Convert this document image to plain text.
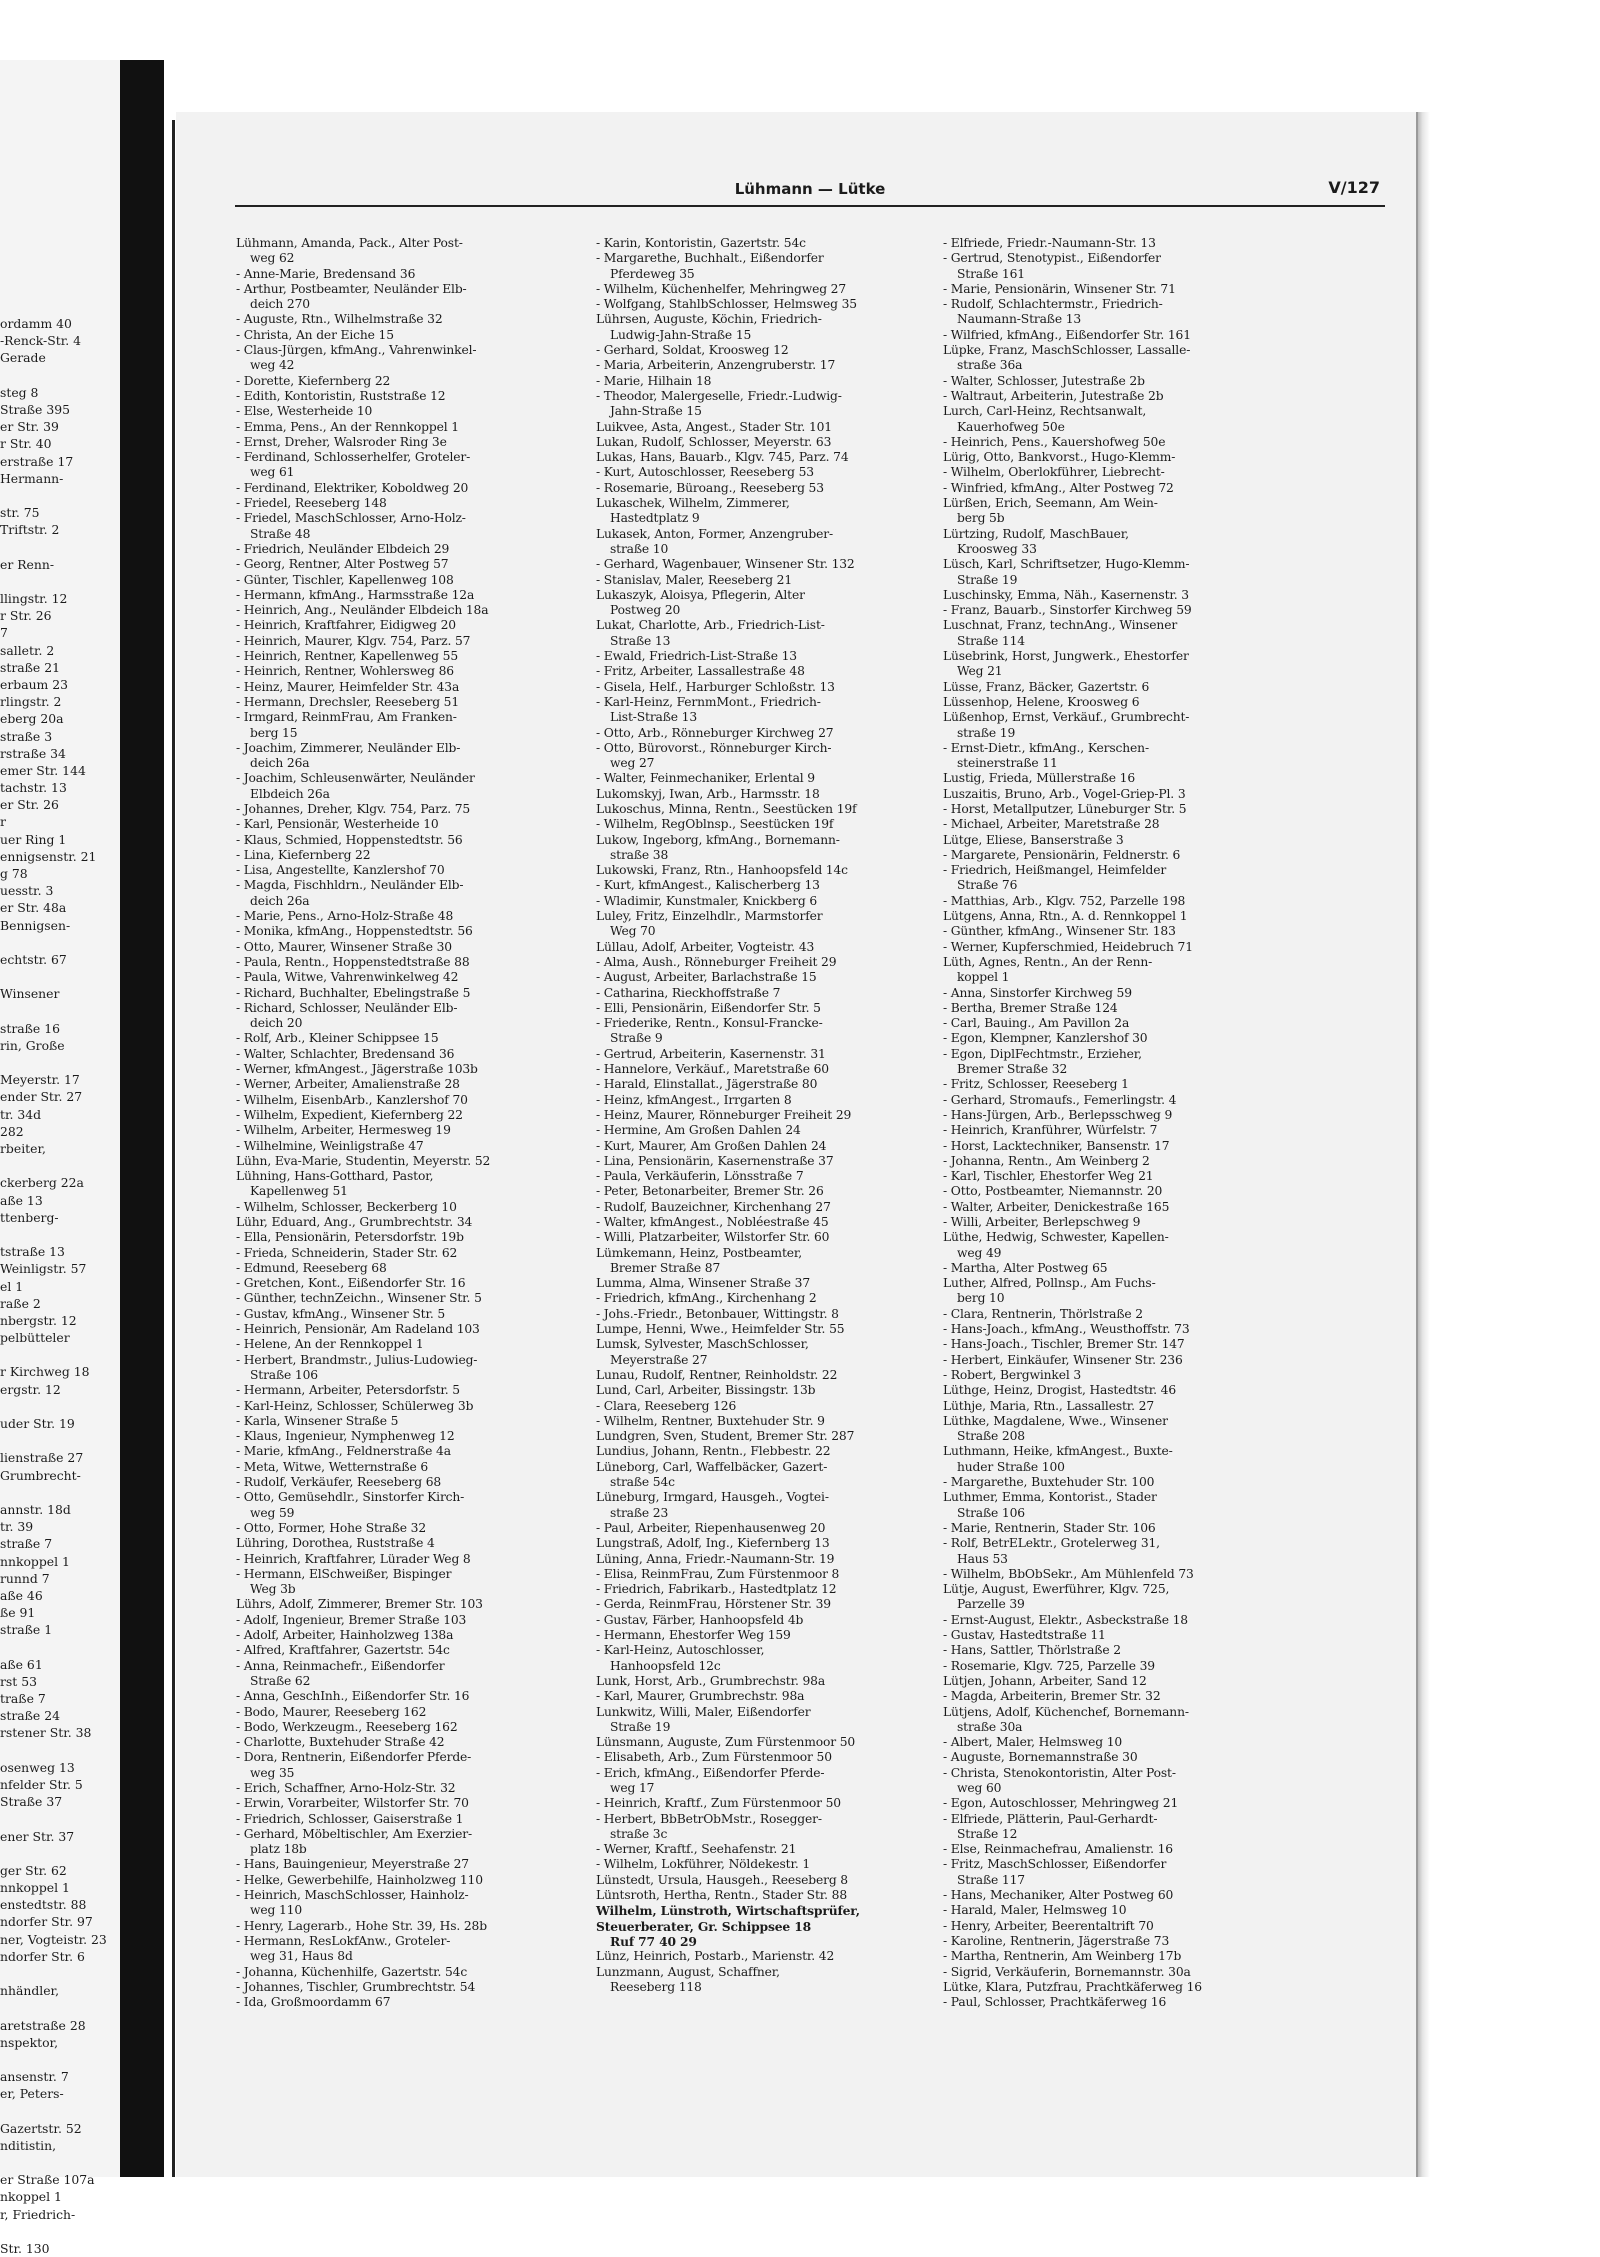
ordamm 40
-Renck-Str. 4
Gerade
steg 8
Straße 395
er Str. 39
r Str. 40
erstraße 17
Hermann-
str. 75
Triftstr. 2
er Renn-
llingstr. 12
r Str. 26
7
salletr. 2
straße 21
erbaum 23
rlingstr. 2
eberg 20a
straße 3
rstraße 34
emer Str. 144
tachstr. 13
er Str. 26
r
uer Ring 1
ennigsenstr. 21
g 78
uesstr. 3
er Str. 48a
Bennigsen-
echtstr. 67
Winsener
straße 16
rin, Große
Meyerstr. 17
ender Str. 27
tr. 34d
282
rbeiter,
ckerberg 22a
aße 13
ttenberg-
tstraße 13
Weinligstr. 57
el 1
raße 2
nbergstr. 12
pelbütteler
r Kirchweg 18
ergstr. 12
uder Str. 19
lienstraße 27
Grumbrecht-
annstr. 18d
tr. 39
straße 7
nnkoppel 1
runnd 7
aße 46
ße 91
straße 1
aße 61
rst 53
traße 7
straße 24
rstener Str. 38
osenweg 13
nfelder Str. 5
Straße 37
ener Str. 37
ger Str. 62
nnkoppel 1
enstedtstr. 88
ndorfer Str. 97
ner, Vogteistr. 23
ndorfer Str. 6
nhändler,
aretstraße 28
nspektor,
ansenstr. 7
er, Peters-
Gazertstr. 52
nditistin,
er Straße 107a
nkoppel 1
r, Friedrich-
Str. 130
Lühmann — Lütke	V/127
Lühmann, Amanda, Pack., Alter Post-
weg 62
- Anne-Marie, Bredensand 36
- Arthur, Postbeamter, Neuländer Elb-
deich 270
- Auguste, Rtn., Wilhelmstraße 32
- Christa, An der Eiche 15
- Claus-Jürgen, kfmAng., Vahrenwinkel-
weg 42
- Dorette, Kiefernberg 22
- Edith, Kontoristin, Ruststraße 12
- Else, Westerheide 10
- Emma, Pens., An der Rennkoppel 1
- Ernst, Dreher, Walsroder Ring 3e
- Ferdinand, Schlosserhelfer, Groteler-
weg 61
- Ferdinand, Elektriker, Koboldweg 20
- Friedel, Reeseberg 148
- Friedel, MaschSchlosser, Arno-Holz-
Straße 48
- Friedrich, Neuländer Elbdeich 29
- Georg, Rentner, Alter Postweg 57
- Günter, Tischler, Kapellenweg 108
- Hermann, kfmAng., Harmsstraße 12a
- Heinrich, Ang., Neuländer Elbdeich 18a
- Heinrich, Kraftfahrer, Eidigweg 20
- Heinrich, Maurer, Klgv. 754, Parz. 57
- Heinrich, Rentner, Kapellenweg 55
- Heinrich, Rentner, Wohlersweg 86
- Heinz, Maurer, Heimfelder Str. 43a
- Hermann, Drechsler, Reeseberg 51
- Irmgard, ReinmFrau, Am Franken-
berg 15
- Joachim, Zimmerer, Neuländer Elb-
deich 26a
- Joachim, Schleusenwärter, Neuländer
Elbdeich 26a
- Johannes, Dreher, Klgv. 754, Parz. 75
- Karl, Pensionär, Westerheide 10
- Klaus, Schmied, Hoppenstedtstr. 56
- Lina, Kiefernberg 22
- Lisa, Angestellte, Kanzlershof 70
- Magda, Fischhldrn., Neuländer Elb-
deich 26a
- Marie, Pens., Arno-Holz-Straße 48
- Monika, kfmAng., Hoppenstedtstr. 56
- Otto, Maurer, Winsener Straße 30
- Paula, Rentn., Hoppenstedtstraße 88
- Paula, Witwe, Vahrenwinkelweg 42
- Richard, Buchhalter, Ebelingstraße 5
- Richard, Schlosser, Neuländer Elb-
deich 20
- Rolf, Arb., Kleiner Schippsee 15
- Walter, Schlachter, Bredensand 36
- Werner, kfmAngest., Jägerstraße 103b
- Werner, Arbeiter, Amalienstraße 28
- Wilhelm, EisenbArb., Kanzlershof 70
- Wilhelm, Expedient, Kiefernberg 22
- Wilhelm, Arbeiter, Hermesweg 19
- Wilhelmine, Weinligstraße 47
Lühn, Eva-Marie, Studentin, Meyerstr. 52
Lühning, Hans-Gotthard, Pastor,
Kapellenweg 51
- Wilhelm, Schlosser, Beckerberg 10
Lühr, Eduard, Ang., Grumbrechtstr. 34
- Ella, Pensionärin, Petersdorfstr. 19b
- Frieda, Schneiderin, Stader Str. 62
- Edmund, Reeseberg 68
- Gretchen, Kont., Eißendorfer Str. 16
- Günther, technZeichn., Winsener Str. 5
- Gustav, kfmAng., Winsener Str. 5
- Heinrich, Pensionär, Am Radeland 103
- Helene, An der Rennkoppel 1
- Herbert, Brandmstr., Julius-Ludowieg-
Straße 106
- Hermann, Arbeiter, Petersdorfstr. 5
- Karl-Heinz, Schlosser, Schülerweg 3b
- Karla, Winsener Straße 5
- Klaus, Ingenieur, Nymphenweg 12
- Marie, kfmAng., Feldnerstraße 4a
- Meta, Witwe, Wetternstraße 6
- Rudolf, Verkäufer, Reeseberg 68
- Otto, Gemüsehdlr., Sinstorfer Kirch-
weg 59
- Otto, Former, Hohe Straße 32
Lühring, Dorothea, Ruststraße 4
- Heinrich, Kraftfahrer, Lürader Weg 8
- Hermann, ElSchweißer, Bispinger
Weg 3b
Lührs, Adolf, Zimmerer, Bremer Str. 103
- Adolf, Ingenieur, Bremer Straße 103
- Adolf, Arbeiter, Hainholzweg 138a
- Alfred, Kraftfahrer, Gazertstr. 54c
- Anna, Reinmachefr., Eißendorfer
Straße 62
- Anna, GeschInh., Eißendorfer Str. 16
- Bodo, Maurer, Reeseberg 162
- Bodo, Werkzeugm., Reeseberg 162
- Charlotte, Buxtehuder Straße 42
- Dora, Rentnerin, Eißendorfer Pferde-
weg 35
- Erich, Schaffner, Arno-Holz-Str. 32
- Erwin, Vorarbeiter, Wilstorfer Str. 70
- Friedrich, Schlosser, Gaiserstraße 1
- Gerhard, Möbeltischler, Am Exerzier-
platz 18b
- Hans, Bauingenieur, Meyerstraße 27
- Helke, Gewerbehilfe, Hainholzweg 110
- Heinrich, MaschSchlosser, Hainholz-
weg 110
- Henry, Lagerarb., Hohe Str. 39, Hs. 28b
- Hermann, ResLokfAnw., Groteler-
weg 31, Haus 8d
- Johanna, Küchenhilfe, Gazertstr. 54c
- Johannes, Tischler, Grumbrechtstr. 54
- Ida, Großmoordamm 67
- Karin, Kontoristin, Gazertstr. 54c
- Margarethe, Buchhalt., Eißendorfer
Pferdeweg 35
- Wilhelm, Küchenhelfer, Mehringweg 27
- Wolfgang, StahlbSchlosser, Helmsweg 35
Lührsen, Auguste, Köchin, Friedrich-
Ludwig-Jahn-Straße 15
- Gerhard, Soldat, Kroosweg 12
- Maria, Arbeiterin, Anzengruberstr. 17
- Marie, Hilhain 18
- Theodor, Malergeselle, Friedr.-Ludwig-
Jahn-Straße 15
Luikvee, Asta, Angest., Stader Str. 101
Lukan, Rudolf, Schlosser, Meyerstr. 63
Lukas, Hans, Bauarb., Klgv. 745, Parz. 74
- Kurt, Autoschlosser, Reeseberg 53
- Rosemarie, Büroang., Reeseberg 53
Lukaschek, Wilhelm, Zimmerer,
Hastedtplatz 9
Lukasek, Anton, Former, Anzengruber-
straße 10
- Gerhard, Wagenbauer, Winsener Str. 132
- Stanislav, Maler, Reeseberg 21
Lukaszyk, Aloisya, Pflegerin, Alter
Postweg 20
Lukat, Charlotte, Arb., Friedrich-List-
Straße 13
- Ewald, Friedrich-List-Straße 13
- Fritz, Arbeiter, Lassallestraße 48
- Gisela, Helf., Harburger Schloßstr. 13
- Karl-Heinz, FernmMont., Friedrich-
List-Straße 13
- Otto, Arb., Rönneburger Kirchweg 27
- Otto, Bürovorst., Rönneburger Kirch-
weg 27
- Walter, Feinmechaniker, Erlental 9
Lukomskyj, Iwan, Arb., Harmsstr. 18
Lukoschus, Minna, Rentn., Seestücken 19f
- Wilhelm, RegOblnsp., Seestücken 19f
Lukow, Ingeborg, kfmAng., Bornemann-
straße 38
Lukowski, Franz, Rtn., Hanhoopsfeld 14c
- Kurt, kfmAngest., Kalischerberg 13
- Wladimir, Kunstmaler, Knickberg 6
Luley, Fritz, Einzelhdlr., Marmstorfer
Weg 70
Lüllau, Adolf, Arbeiter, Vogteistr. 43
- Alma, Aush., Rönneburger Freiheit 29
- August, Arbeiter, Barlachstraße 15
- Catharina, Rieckhoffstraße 7
- Elli, Pensionärin, Eißendorfer Str. 5
- Friederike, Rentn., Konsul-Francke-
Straße 9
- Gertrud, Arbeiterin, Kasernenstr. 31
- Hannelore, Verkäuf., Maretstraße 60
- Harald, Elinstallat., Jägerstraße 80
- Heinz, kfmAngest., Irrgarten 8
- Heinz, Maurer, Rönneburger Freiheit 29
- Hermine, Am Großen Dahlen 24
- Kurt, Maurer, Am Großen Dahlen 24
- Lina, Pensionärin, Kasernenstraße 37
- Paula, Verkäuferin, Lönsstraße 7
- Peter, Betonarbeiter, Bremer Str. 26
- Rudolf, Bauzeichner, Kirchenhang 27
- Walter, kfmAngest., Nobléestraße 45
- Willi, Platzarbeiter, Wilstorfer Str. 60
Lümkemann, Heinz, Postbeamter,
Bremer Straße 87
Lumma, Alma, Winsener Straße 37
- Friedrich, kfmAng., Kirchenhang 2
- Johs.-Friedr., Betonbauer, Wittingstr. 8
Lumpe, Henni, Wwe., Heimfelder Str. 55
Lumsk, Sylvester, MaschSchlosser,
Meyerstraße 27
Lunau, Rudolf, Rentner, Reinholdstr. 22
Lund, Carl, Arbeiter, Bissingstr. 13b
- Clara, Reeseberg 126
- Wilhelm, Rentner, Buxtehuder Str. 9
Lundgren, Sven, Student, Bremer Str. 287
Lundius, Johann, Rentn., Flebbestr. 22
Lüneborg, Carl, Waffelbäcker, Gazert-
straße 54c
Lüneburg, Irmgard, Hausgeh., Vogtei-
straße 23
- Paul, Arbeiter, Riepenhausenweg 20
Lungstraß, Adolf, Ing., Kiefernberg 13
Lüning, Anna, Friedr.-Naumann-Str. 19
- Elisa, ReinmFrau, Zum Fürstenmoor 8
- Friedrich, Fabrikarb., Hastedtplatz 12
- Gerda, ReinmFrau, Hörstener Str. 39
- Gustav, Färber, Hanhoopsfeld 4b
- Hermann, Ehestorfer Weg 159
- Karl-Heinz, Autoschlosser,
Hanhoopsfeld 12c
Lunk, Horst, Arb., Grumbrechstr. 98a
- Karl, Maurer, Grumbrechstr. 98a
Lunkwitz, Willi, Maler, Eißendorfer
Straße 19
Lünsmann, Auguste, Zum Fürstenmoor 50
- Elisabeth, Arb., Zum Fürstenmoor 50
- Erich, kfmAng., Eißendorfer Pferde-
weg 17
- Heinrich, Kraftf., Zum Fürstenmoor 50
- Herbert, BbBetrObMstr., Rosegger-
straße 3c
- Werner, Kraftf., Seehafenstr. 21
- Wilhelm, Lokführer, Nöldekestr. 1
Lünstedt, Ursula, Hausgeh., Reeseberg 8
Lüntsroth, Hertha, Rentn., Stader Str. 88
Wilhelm, Lünstroth, Wirtschaftsprüfer,
Steuerberater, Gr. Schippsee 18
Ruf 77 40 29
Lünz, Heinrich, Postarb., Marienstr. 42
Lunzmann, August, Schaffner,
Reeseberg 118
- Elfriede, Friedr.-Naumann-Str. 13
- Gertrud, Stenotypist., Eißendorfer
Straße 161
- Marie, Pensionärin, Winsener Str. 71
- Rudolf, Schlachtermstr., Friedrich-
Naumann-Straße 13
- Wilfried, kfmAng., Eißendorfer Str. 161
Lüpke, Franz, MaschSchlosser, Lassalle-
straße 36a
- Walter, Schlosser, Jutestraße 2b
- Waltraut, Arbeiterin, Jutestraße 2b
Lurch, Carl-Heinz, Rechtsanwalt,
Kauerhofweg 50e
- Heinrich, Pens., Kauershofweg 50e
Lürig, Otto, Bankvorst., Hugo-Klemm-
- Wilhelm, Oberlokführer, Liebrecht-
- Winfried, kfmAng., Alter Postweg 72
Lürßen, Erich, Seemann, Am Wein-
berg 5b
Lürtzing, Rudolf, MaschBauer,
Kroosweg 33
Lüsch, Karl, Schriftsetzer, Hugo-Klemm-
Straße 19
Luschinsky, Emma, Näh., Kasernenstr. 3
- Franz, Bauarb., Sinstorfer Kirchweg 59
Luschnat, Franz, technAng., Winsener
Straße 114
Lüsebrink, Horst, Jungwerk., Ehestorfer
Weg 21
Lüsse, Franz, Bäcker, Gazertstr. 6
Lüssenhop, Helene, Kroosweg 6
Lüßenhop, Ernst, Verkäuf., Grumbrecht-
straße 19
- Ernst-Dietr., kfmAng., Kerschen-
steinerstraße 11
Lustig, Frieda, Müllerstraße 16
Luszaitis, Bruno, Arb., Vogel-Griep-Pl. 3
- Horst, Metallputzer, Lüneburger Str. 5
- Michael, Arbeiter, Maretstraße 28
Lütge, Eliese, Banserstraße 3
- Margarete, Pensionärin, Feldnerstr. 6
- Friedrich, Heißmangel, Heimfelder
Straße 76
- Matthias, Arb., Klgv. 752, Parzelle 198
Lütgens, Anna, Rtn., A. d. Rennkoppel 1
- Günther, kfmAng., Winsener Str. 183
- Werner, Kupferschmied, Heidebruch 71
Lüth, Agnes, Rentn., An der Renn-
koppel 1
- Anna, Sinstorfer Kirchweg 59
- Bertha, Bremer Straße 124
- Carl, Bauing., Am Pavillon 2a
- Egon, Klempner, Kanzlershof 30
- Egon, DiplFechtmstr., Erzieher,
Bremer Straße 32
- Fritz, Schlosser, Reeseberg 1
- Gerhard, Stromaufs., Femerlingstr. 4
- Hans-Jürgen, Arb., Berlepsschweg 9
- Heinrich, Kranführer, Würfelstr. 7
- Horst, Lacktechniker, Bansenstr. 17
- Johanna, Rentn., Am Weinberg 2
- Karl, Tischler, Ehestorfer Weg 21
- Otto, Postbeamter, Niemannstr. 20
- Walter, Arbeiter, Denickestraße 165
- Willi, Arbeiter, Berlepschweg 9
Lüthe, Hedwig, Schwester, Kapellen-
weg 49
- Martha, Alter Postweg 65
Luther, Alfred, Pollnsp., Am Fuchs-
berg 10
- Clara, Rentnerin, Thörlstraße 2
- Hans-Joach., kfmAng., Weusthoffstr. 73
- Hans-Joach., Tischler, Bremer Str. 147
- Herbert, Einkäufer, Winsener Str. 236
- Robert, Bergwinkel 3
Lüthge, Heinz, Drogist, Hastedtstr. 46
Lüthje, Maria, Rtn., Lassallestr. 27
Lüthke, Magdalene, Wwe., Winsener
Straße 208
Luthmann, Heike, kfmAngest., Buxte-
huder Straße 100
- Margarethe, Buxtehuder Str. 100
Luthmer, Emma, Kontorist., Stader
Straße 106
- Marie, Rentnerin, Stader Str. 106
- Rolf, BetrELektr., Grotelerweg 31,
Haus 53
- Wilhelm, BbObSekr., Am Mühlenfeld 73
Lütje, August, Ewerführer, Klgv. 725,
Parzelle 39
- Ernst-August, Elektr., Asbeckstraße 18
- Gustav, Hastedtstraße 11
- Hans, Sattler, Thörlstraße 2
- Rosemarie, Klgv. 725, Parzelle 39
Lütjen, Johann, Arbeiter, Sand 12
- Magda, Arbeiterin, Bremer Str. 32
Lütjens, Adolf, Küchenchef, Bornemann-
straße 30a
- Albert, Maler, Helmsweg 10
- Auguste, Bornemannstraße 30
- Christa, Stenokontoristin, Alter Post-
weg 60
- Egon, Autoschlosser, Mehringweg 21
- Elfriede, Plätterin, Paul-Gerhardt-
Straße 12
- Else, Reinmachefrau, Amalienstr. 16
- Fritz, MaschSchlosser, Eißendorfer
Straße 117
- Hans, Mechaniker, Alter Postweg 60
- Harald, Maler, Helmsweg 10
- Henry, Arbeiter, Beerentaltrift 70
- Karoline, Rentnerin, Jägerstraße 73
- Martha, Rentnerin, Am Weinberg 17b
- Sigrid, Verkäuferin, Bornemannstr. 30a
Lütke, Klara, Putzfrau, Prachtkäferweg 16
- Paul, Schlosser, Prachtkäferweg 16
